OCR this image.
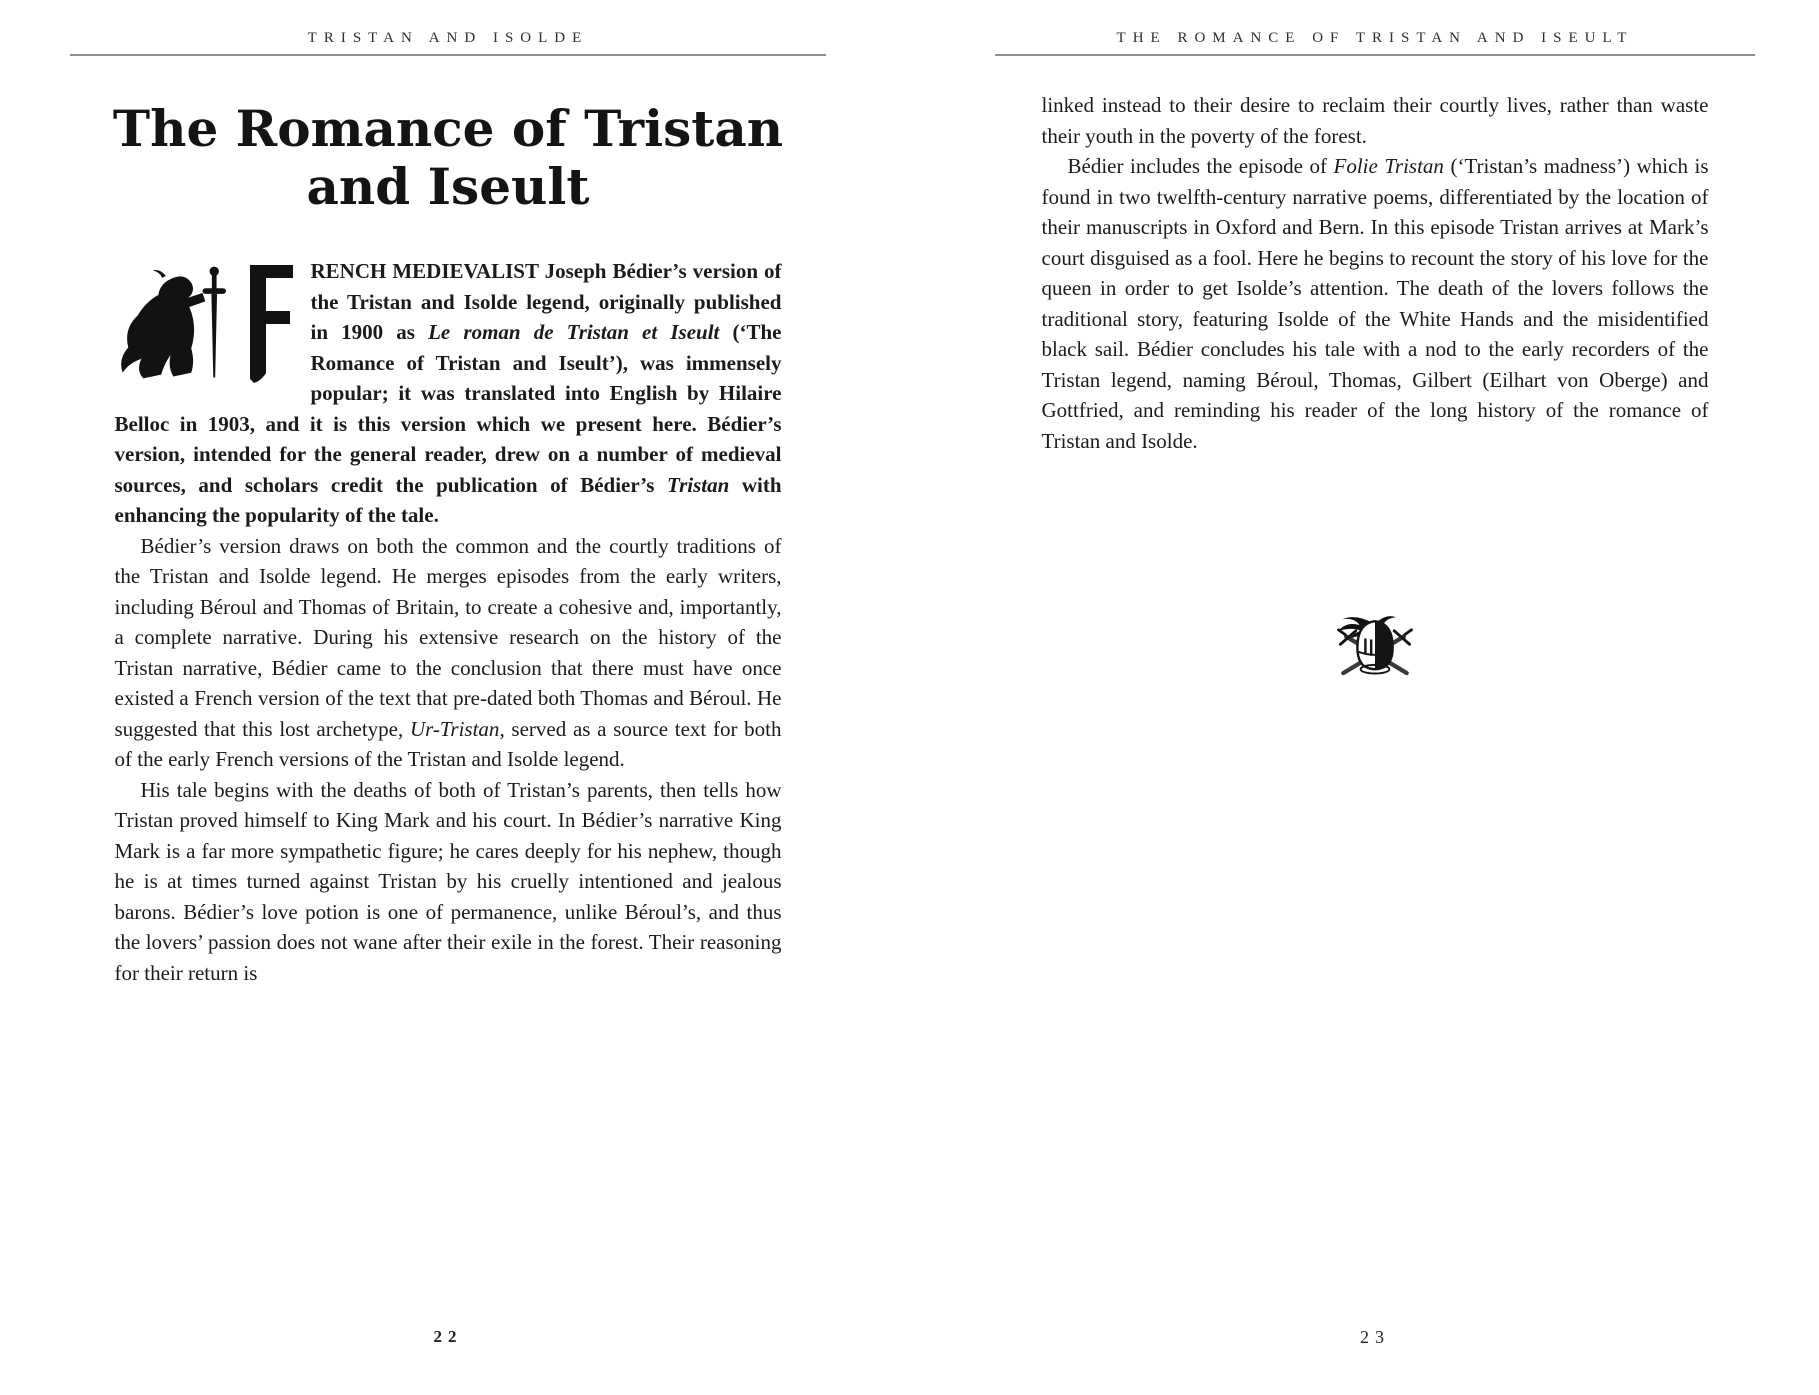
TRISTAN AND ISOLDE
The Romance of Tristan
and Iseult

RENCH MEDIEVALIST Joseph Bédier’s version of the Tristan and Isolde legend, originally published in 1900 as Le roman de Tristan et Iseult (‘The Romance of Tristan and Iseult’), was immensely popular; it was translated into English by Hilaire Belloc in 1903, and it is this version which we present here. Bédier’s version, intended for the general reader, drew on a number of medieval sources, and scholars credit the publication of Bédier’s Tristan with enhancing the popularity of the tale.

Bédier’s version draws on both the common and the courtly traditions of the Tristan and Isolde legend. He merges episodes from the early writers, including Béroul and Thomas of Britain, to create a cohesive and, importantly, a complete narrative. During his extensive research on the history of the Tristan narrative, Bédier came to the conclusion that there must have once existed a French version of the text that pre-dated both Thomas and Béroul. He suggested that this lost archetype, Ur-Tristan, served as a source text for both of the early French versions of the Tristan and Isolde legend.

His tale begins with the deaths of both of Tristan’s parents, then tells how Tristan proved himself to King Mark and his court. In Bédier’s narrative King Mark is a far more sympathetic figure; he cares deeply for his nephew, though he is at times turned against Tristan by his cruelly intentioned and jealous barons. Bédier’s love potion is one of permanence, unlike Béroul’s, and thus the lovers’ passion does not wane after their exile in the forest. Their reasoning for their return is

22
THE ROMANCE OF TRISTAN AND ISEULT

linked instead to their desire to reclaim their courtly lives, rather than waste their youth in the poverty of the forest.

Bédier includes the episode of Folie Tristan (‘Tristan’s madness’) which is found in two twelfth-century narrative poems, differentiated by the location of their manuscripts in Oxford and Bern. In this episode Tristan arrives at Mark’s court disguised as a fool. Here he begins to recount the story of his love for the queen in order to get Isolde’s attention. The death of the lovers follows the traditional story, featuring Isolde of the White Hands and the misidentified black sail. Bédier concludes his tale with a nod to the early recorders of the Tristan legend, naming Béroul, Thomas, Gilbert (Eilhart von Oberge) and Gottfried, and reminding his reader of the long history of the romance of Tristan and Isolde.

23
